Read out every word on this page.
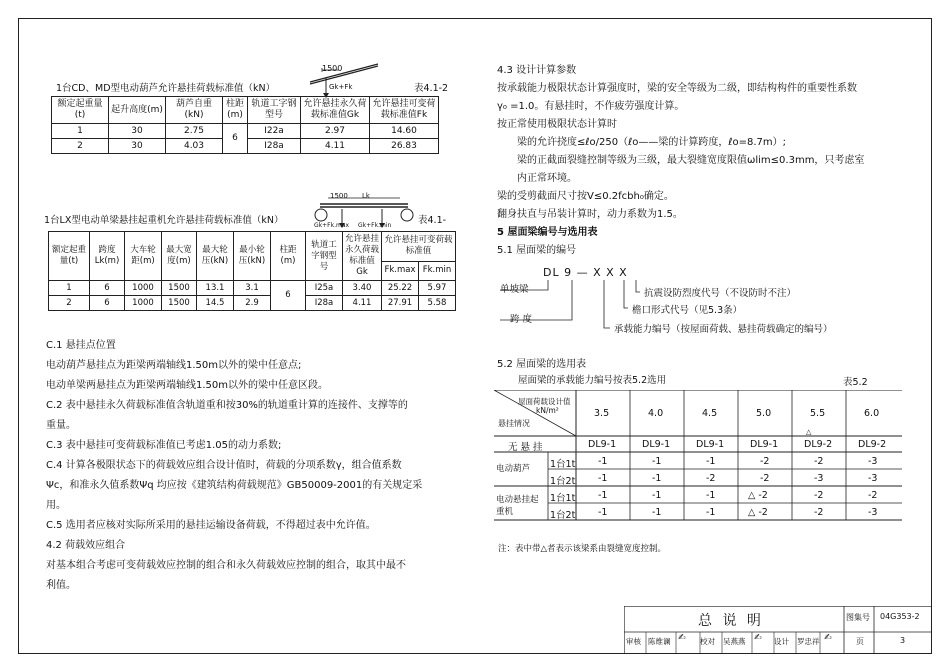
1台CD、MD型电动葫芦允许悬挂荷载标准值（kN）	表4.1-2
1500
Gk+Fk
额定起重量(t)	起升高度(m)	葫芦自重(kN)	柱距(m)	轨道工字钢型号	允许悬挂永久荷载标准值Gk	允许悬挂可变荷载标准值Fk
1	30	2.75	6	I22a	2.97	14.60
2	30	4.03		I28a	4.11	26.83
1台LX型电动单梁悬挂起重机允许悬挂荷载标准值（kN）	表4.1-
1500 Lk
Gk+Fk.max Gk+Fk.min
额定起重量(t)	跨度Lk(m)	大车轮距(m)	最大宽度(m)	最大轮压(kN)	最小轮压(kN)	柱距(m)	轨道工字钢型号	允许悬挂永久荷载标准值Gk	允许悬挂可变荷载标准值	
									Fk.max	Fk.min
1	6	1000	1500	13.1	3.1	6	I25a	3.40	25.22	5.97
2	6	1000	1500	14.5	2.9		I28a	4.11	27.91	5.58
C.1 悬挂点位置
电动葫芦悬挂点为距梁两端轴线1.50m以外的梁中任意点;
电动单梁两悬挂点为距梁两端轴线1.50m以外的梁中任意区段。
C.2 表中悬挂永久荷载标准值含轨道重和按30%的轨道重计算的连接件、支撑等的
重量。
C.3 表中悬挂可变荷载标准值已考虑1.05的动力系数;
C.4 计算各极限状态下的荷载效应组合设计值时，荷载的分项系数γ，组合值系数
Ψc，和准永久值系数Ψq 均应按《建筑结构荷载规范》GB50009-2001的有关规定采
用。
C.5 选用者应核对实际所采用的悬挂运输设备荷载，不得超过表中允许值。
4.2 荷载效应组合
对基本组合考虑可变荷载效应控制的组合和永久荷载效应控制的组合，取其中最不
利值。
4.3 设计计算参数
按承载能力极限状态计算强度时，梁的安全等级为二级，即结构构件的重要性系数
γ₀ =1.0。有悬挂时，不作疲劳强度计算。
按正常使用极限状态计算时
梁的允许挠度≤ℓo/250（ℓo——梁的计算跨度，ℓo=8.7m）;
梁的正截面裂缝控制等级为三级，最大裂缝宽度限值ωlim≤0.3mm，只考虑室
内正常环境。
梁的受剪截面尺寸按V≤0.2fcbh₀确定。
翻身扶直与吊装计算时，动力系数为1.5。
5 屋面梁编号与选用表
5.1 屋面梁的编号
DL 9 — X X X
单坡梁
跨 度
抗震设防烈度代号（不设防时不注）
檐口形式代号（见5.3条）
承载能力编号（按屋面荷载、悬挂荷载确定的编号）
5.2 屋面梁的选用表
屋面梁的承载能力编号按表5.2选用	表5.2
屋面荷载设计值
kN/m²
悬挂情况
3.5	4.0	4.5	5.0	5.5	6.0
△
无 悬 挂	DL9-1	DL9-1	DL9-1	DL9-1	DL9-2	DL9-2
电动葫芦
电动悬挂起重机
1台1t -1	-1	-1	-2	-2	-3
1台2t -1	-1	-2	-2	-3	-3
1台1t -1	-1	-1	△ -2	-2	-2
1台2t -1	-1	-1	△ -2	-2	-3
注：表中带△者表示该梁系由裂缝宽度控制。
总 说 明	图集号 04G353-2
页	3
审核 陈维谰 ✍ 校对 吴燕燕 ✍ 设计 罗忠祥 ✍
